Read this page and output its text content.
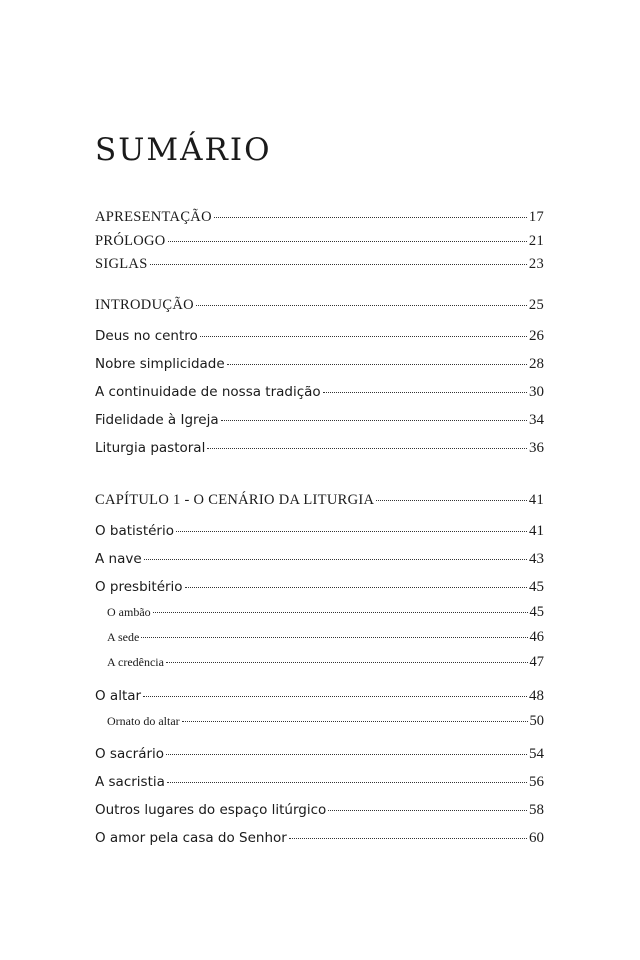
SUMÁRIO
APRESENTAÇÃO	17
PRÓLOGO	21
SIGLAS	23
INTRODUÇÃO	25
Deus no centro	26
Nobre simplicidade	28
A continuidade de nossa tradição	30
Fidelidade à Igreja	34
Liturgia pastoral	36
CAPÍTULO 1 - O CENÁRIO DA LITURGIA	41
O batistério	41
A nave	43
O presbitério	45
O ambão	45
A sede	46
A credência	47
O altar	48
Ornato do altar	50
O sacrário	54
A sacristia	56
Outros lugares do espaço litúrgico	58
O amor pela casa do Senhor	60
